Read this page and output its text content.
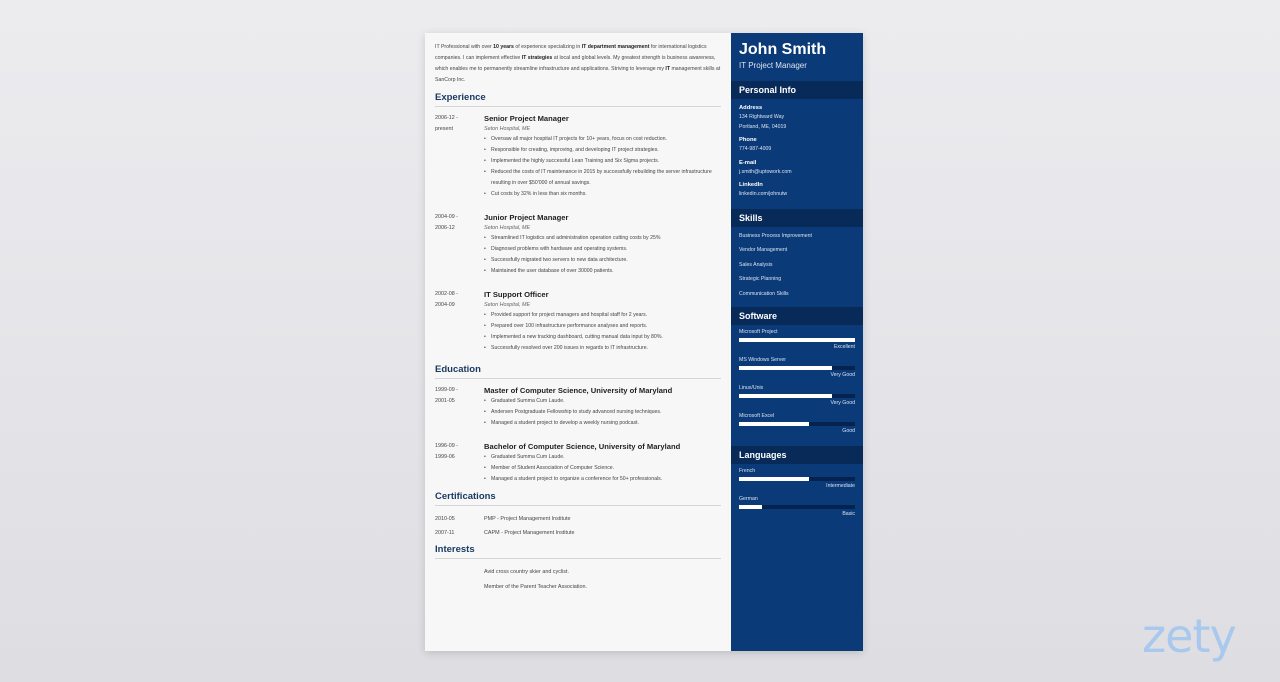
IT Professional with over 10 years of experience specializing in IT department management for international logistics companies. I can implement effective IT strategies at local and global levels. My greatest strength is business awareness, which enables me to permanently streamline infrastructure and applications. Striving to leverage my IT management skills at SanCorp Inc.

Experience
2006-12 -
present
Senior Project Manager
Seton Hospital, ME
• Oversaw all major hospital IT projects for 10+ years, focus on cost reduction.
• Responsible for creating, improving, and developing IT project strategies.
• Implemented the highly successful Lean Training and Six Sigma projects.
• Reduced the costs of IT maintenance in 2015 by successfully rebuilding the server infrastructure resulting in over $50'000 of annual savings.
• Cut costs by 32% in less than six months.
2004-09 -
2006-12
Junior Project Manager
Seton Hospital, ME
• Streamlined IT logistics and administration operation cutting costs by 25%
• Diagnosed problems with hardware and operating systems.
• Successfully migrated two servers to new data architecture.
• Maintained the user database of over 30000 patients.
2002-08 -
2004-09
IT Support Officer
Seton Hospital, ME
• Provided support for project managers and hospital staff for 2 years.
• Prepared over 100 infrastructure performance analyses and reports.
• Implemented a new tracking dashboard, cutting manual data input by 80%.
• Successfully resolved over 200 issues in regards to IT infrastructure.
Education
1999-09 -
2001-05
Master of Computer Science, University of Maryland
• Graduated Summa Cum Laude.
• Andersen Postgraduate Fellowship to study advanced nursing techniques.
• Managed a student project to develop a weekly nursing podcast.
1996-09 -
1999-06
Bachelor of Computer Science, University of Maryland
• Graduated Summa Cum Laude.
• Member of Student Association of Computer Science.
• Managed a student project to organize a conference for 50+ professionals.
Certifications
2010-05	PMP - Project Management Institute
2007-11	CAPM - Project Management Institute
Interests
Avid cross country skier and cyclist.
Member of the Parent Teacher Association.
John Smith
IT Project Manager
Personal Info
Address
134 Rightward Way
Portland, ME, 04019
Phone
774-987-4009
E-mail
j.smith@uptowork.com
LinkedIn
linkedin.com/johnutw
Skills
Business Process Improvement
Vendor Management
Sales Analysis
Strategic Planning
Communication Skills
Software
Microsoft Project
Excellent
MS Windows Server
Very Good
Linux/Unix
Very Good
Microsoft Excel
Good
Languages
French
Intermediate
German
Basic
zety
